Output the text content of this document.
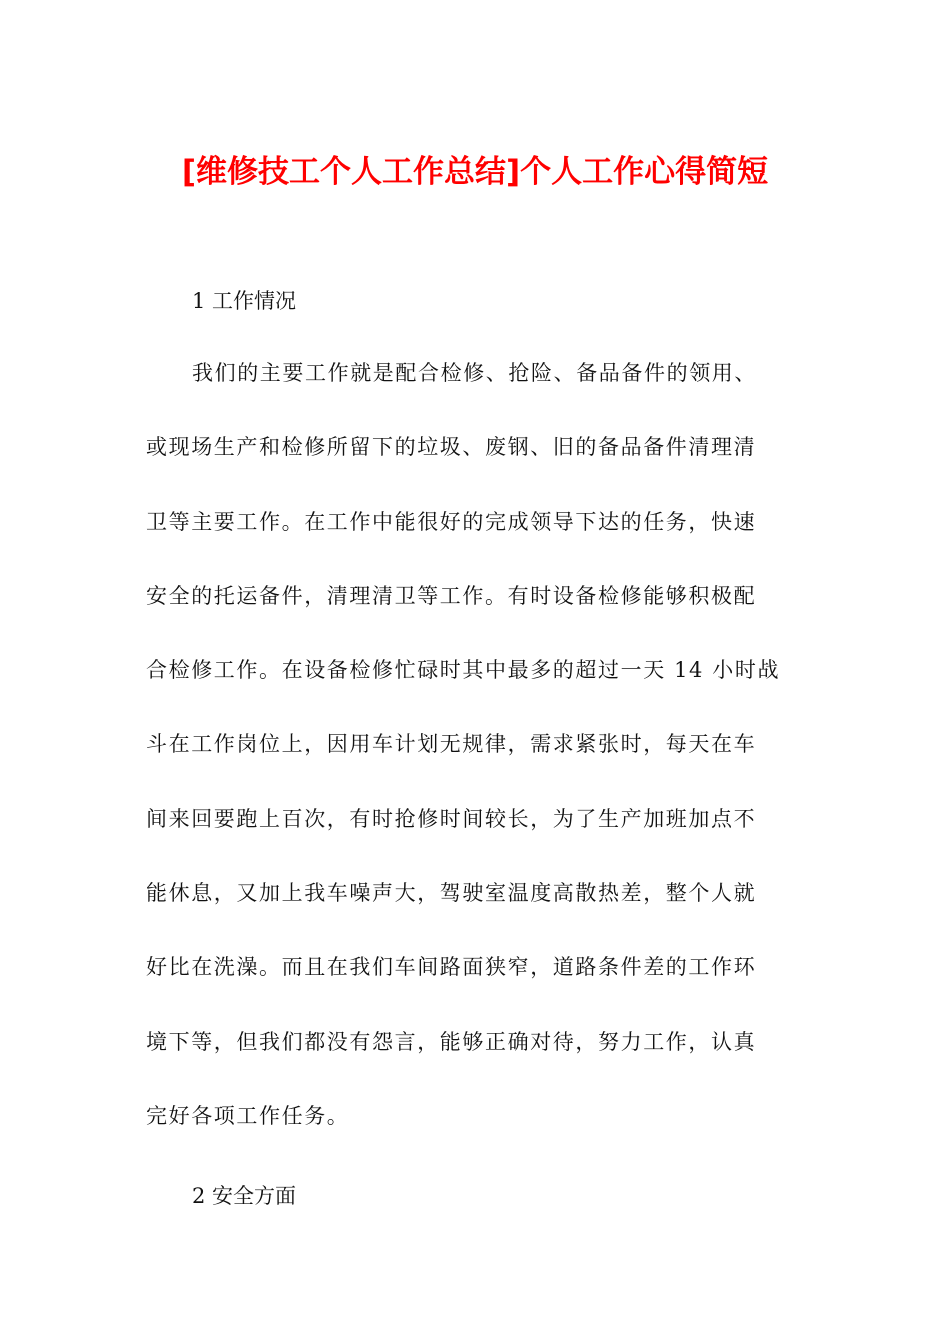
[维修技工个人工作总结]个人工作心得简短
1 工作情况
我们的主要工作就是配合检修、抢险、备品备件的领用、
或现场生产和检修所留下的垃圾、废钢、旧的备品备件清理清
卫等主要工作。在工作中能很好的完成领导下达的任务，快速
安全的托运备件，清理清卫等工作。有时设备检修能够积极配
合检修工作。在设备检修忙碌时其中最多的超过一天 14 小时战
斗在工作岗位上，因用车计划无规律，需求紧张时，每天在车
间来回要跑上百次，有时抢修时间较长，为了生产加班加点不
能休息，又加上我车噪声大，驾驶室温度高散热差，整个人就
好比在洗澡。而且在我们车间路面狭窄，道路条件差的工作环
境下等，但我们都没有怨言，能够正确对待，努力工作，认真
完好各项工作任务。
2 安全方面
